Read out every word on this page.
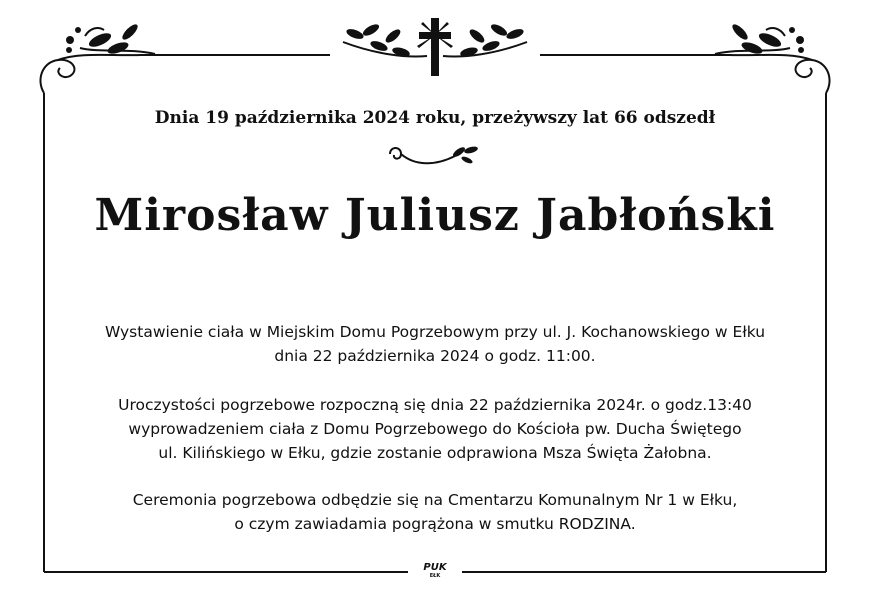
Dnia 19 października 2024 roku, przeżywszy lat 66 odszedł
Mirosław Juliusz Jabłoński
Wystawienie ciała w Miejskim Domu Pogrzebowym przy ul. J. Kochanowskiego w Ełku
dnia 22 października 2024 o godz. 11:00.
Uroczystości pogrzebowe rozpoczną się dnia 22 października 2024r. o godz.13:40
wyprowadzeniem ciała z Domu Pogrzebowego do Kościoła pw. Ducha Świętego
ul. Kilińskiego w Ełku, gdzie zostanie odprawiona Msza Święta Żałobna.
Ceremonia pogrzebowa odbędzie się na Cmentarzu Komunalnym Nr 1 w Ełku,
o czym zawiadamia pogrążona w smutku RODZINA.
PUK
EŁK
